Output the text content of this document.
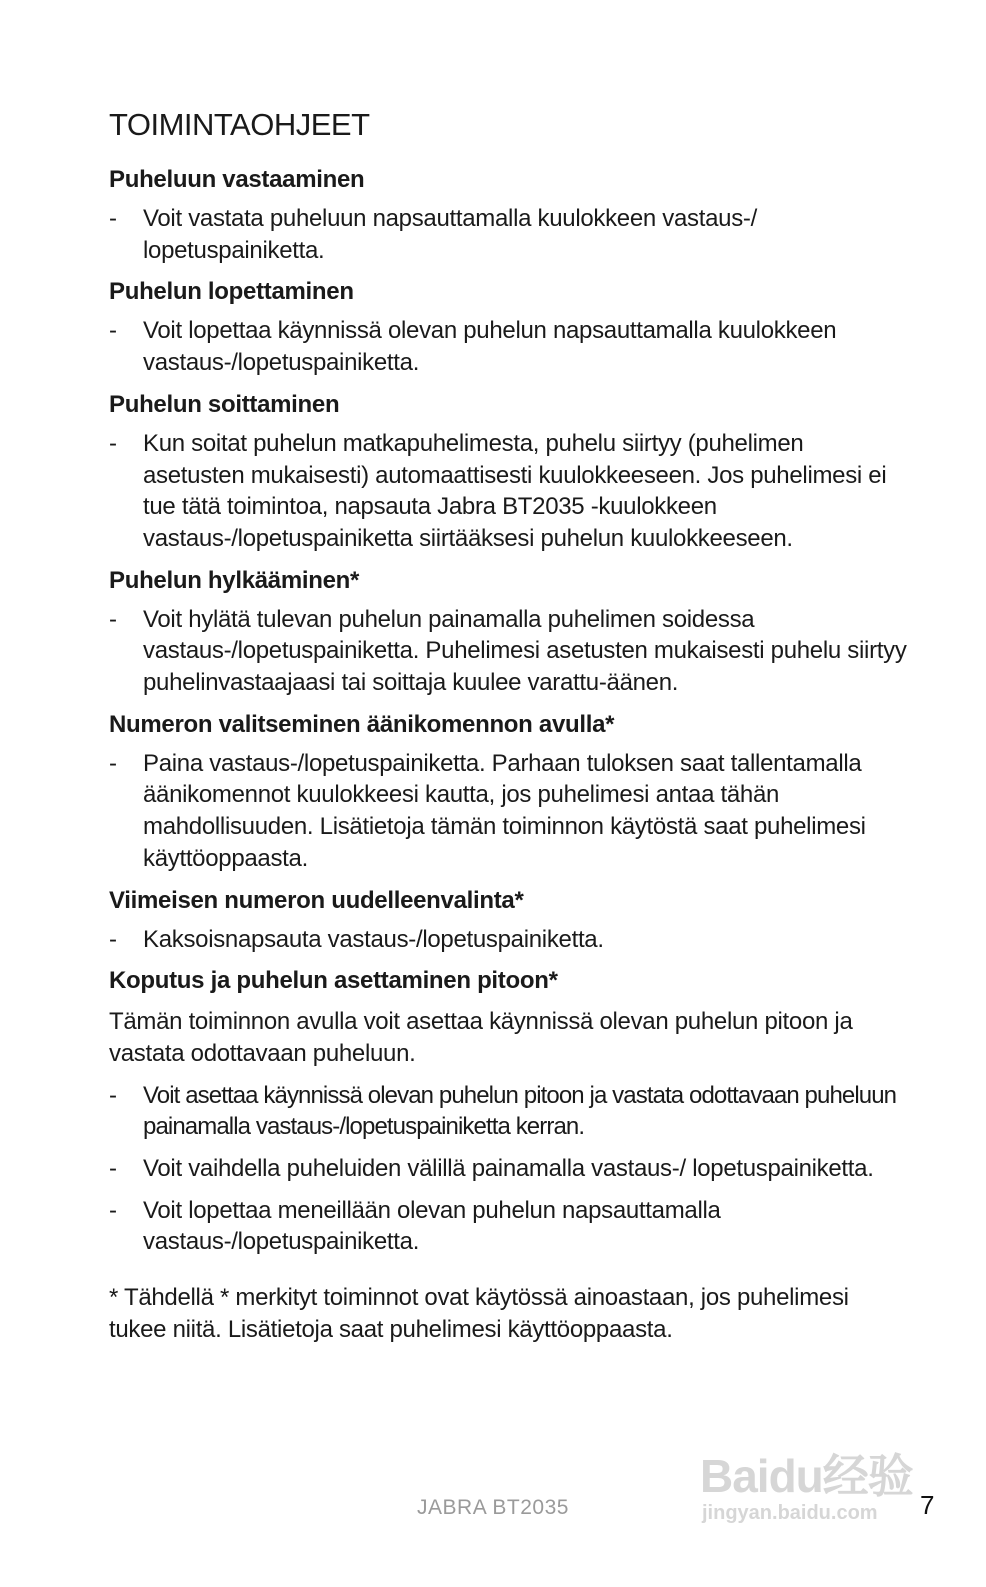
TOIMINTAOHJEET
Puheluun vastaaminen
-	Voit vastata puheluun napsauttamalla kuulokkeen vastaus-/ lopetuspainiketta.
Puhelun lopettaminen
-	Voit lopettaa käynnissä olevan puhelun napsauttamalla kuulokkeen vastaus-/lopetuspainiketta.
Puhelun soittaminen
-	Kun soitat puhelun matkapuhelimesta, puhelu siirtyy (puhelimen asetusten mukaisesti) automaattisesti kuulokkeeseen. Jos puhelimesi ei tue tätä toimintoa, napsauta Jabra BT2035 -kuulokkeen vastaus-/lopetuspainiketta siirtääksesi puhelun kuulokkeeseen.
Puhelun hylkääminen*
-	Voit hylätä tulevan puhelun painamalla puhelimen soidessa vastaus-/lopetuspainiketta. Puhelimesi asetusten mukaisesti puhelu siirtyy puhelinvastaajaasi tai soittaja kuulee varattu-äänen.
Numeron valitseminen äänikomennon avulla*
-	Paina vastaus-/lopetuspainiketta. Parhaan tuloksen saat tallentamalla äänikomennot kuulokkeesi kautta, jos puhelimesi antaa tähän mahdollisuuden. Lisätietoja tämän toiminnon käytöstä saat puhelimesi käyttöoppaasta.
Viimeisen numeron uudelleenvalinta*
-	Kaksoisnapsauta vastaus-/lopetuspainiketta.
Koputus ja puhelun asettaminen pitoon*

Tämän toiminnon avulla voit asettaa käynnissä olevan puhelun pitoon ja vastata odottavaan puheluun.

-	Voit asettaa käynnissä olevan puhelun pitoon ja vastata odottavaan puheluun painamalla vastaus-/lopetuspainiketta kerran.
-	Voit vaihdella puheluiden välillä painamalla vastaus-/ lopetuspainiketta.
-	Voit lopettaa meneillään olevan puhelun napsauttamalla vastaus-/lopetuspainiketta.

* Tähdellä * merkityt toiminnot ovat käytössä ainoastaan, jos puhelimesi tukee niitä. Lisätietoja saat puhelimesi käyttöoppaasta.

JABRA BT2035	7
Baidu经验
jingyan.baidu.com
